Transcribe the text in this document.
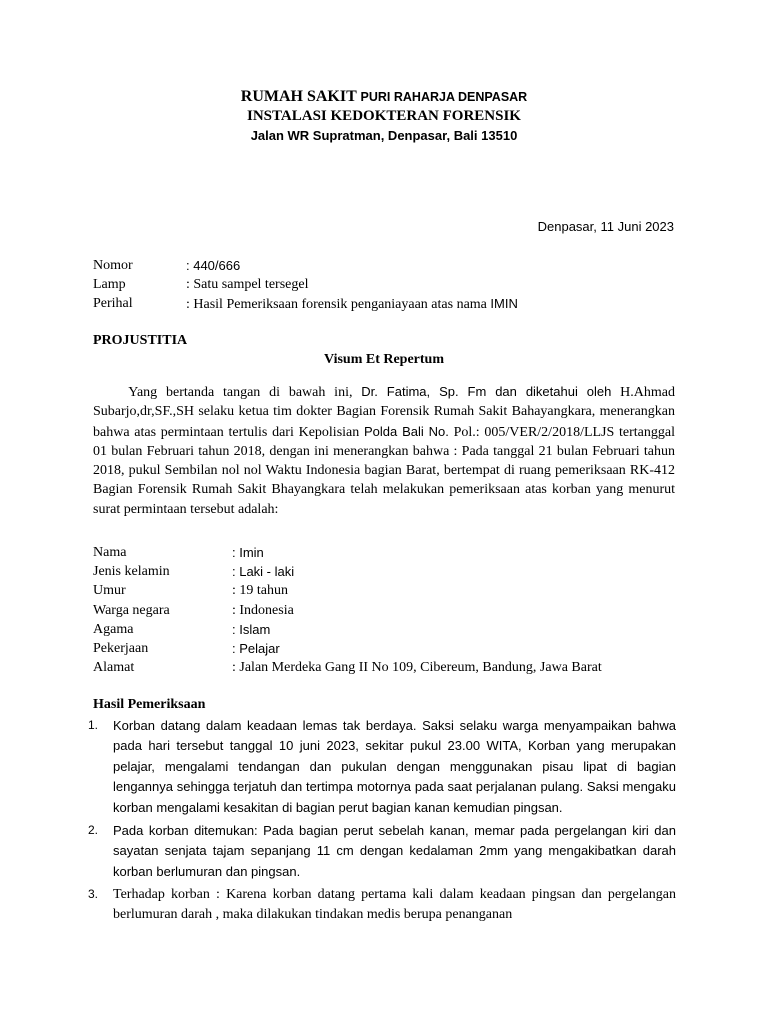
RUMAH SAKIT PURI RAHARJA DENPASAR
INSTALASI KEDOKTERAN FORENSIK
Jalan WR Supratman, Denpasar, Bali 13510
Denpasar, 11 Juni 2023
Nomor	: 440/666
Lamp	: Satu sampel tersegel
Perihal	: Hasil Pemeriksaan forensik penganiayaan atas nama IMIN
PROJUSTITIA
Visum Et Repertum
Yang bertanda tangan di bawah ini, Dr. Fatima, Sp. Fm dan diketahui oleh H.Ahmad Subarjo,dr,SF.,SH selaku ketua tim dokter Bagian Forensik Rumah Sakit Bahayangkara, menerangkan bahwa atas permintaan tertulis dari Kepolisian Polda Bali No. Pol.: 005/VER/2/2018/LLJS tertanggal 01 bulan Februari tahun 2018, dengan ini menerangkan bahwa : Pada tanggal 21 bulan Februari tahun 2018, pukul Sembilan nol nol Waktu Indonesia bagian Barat, bertempat di ruang pemeriksaan RK-412 Bagian Forensik Rumah Sakit Bhayangkara telah melakukan pemeriksaan atas korban yang menurut surat permintaan tersebut adalah:
Nama	: Imin
Jenis kelamin	: Laki - laki
Umur	: 19 tahun
Warga negara	: Indonesia
Agama	: Islam
Pekerjaan	: Pelajar
Alamat	: Jalan Merdeka Gang II No 109, Cibereum, Bandung, Jawa Barat
Hasil Pemeriksaan
1.	Korban datang dalam keadaan lemas tak berdaya. Saksi selaku warga menyampaikan bahwa pada hari tersebut tanggal 10 juni 2023, sekitar pukul 23.00 WITA, Korban yang merupakan pelajar, mengalami tendangan dan pukulan dengan menggunakan pisau lipat di bagian lengannya sehingga terjatuh dan tertimpa motornya pada saat perjalanan pulang. Saksi mengaku korban mengalami kesakitan di bagian perut bagian kanan kemudian pingsan.
2.	Pada korban ditemukan: Pada bagian perut sebelah kanan, memar pada pergelangan kiri dan sayatan senjata tajam sepanjang 11 cm dengan kedalaman 2mm yang mengakibatkan darah korban berlumuran dan pingsan.
3.	Terhadap korban : Karena korban datang pertama kali dalam keadaan pingsan dan pergelangan berlumuran darah , maka dilakukan tindakan medis berupa penanganan
